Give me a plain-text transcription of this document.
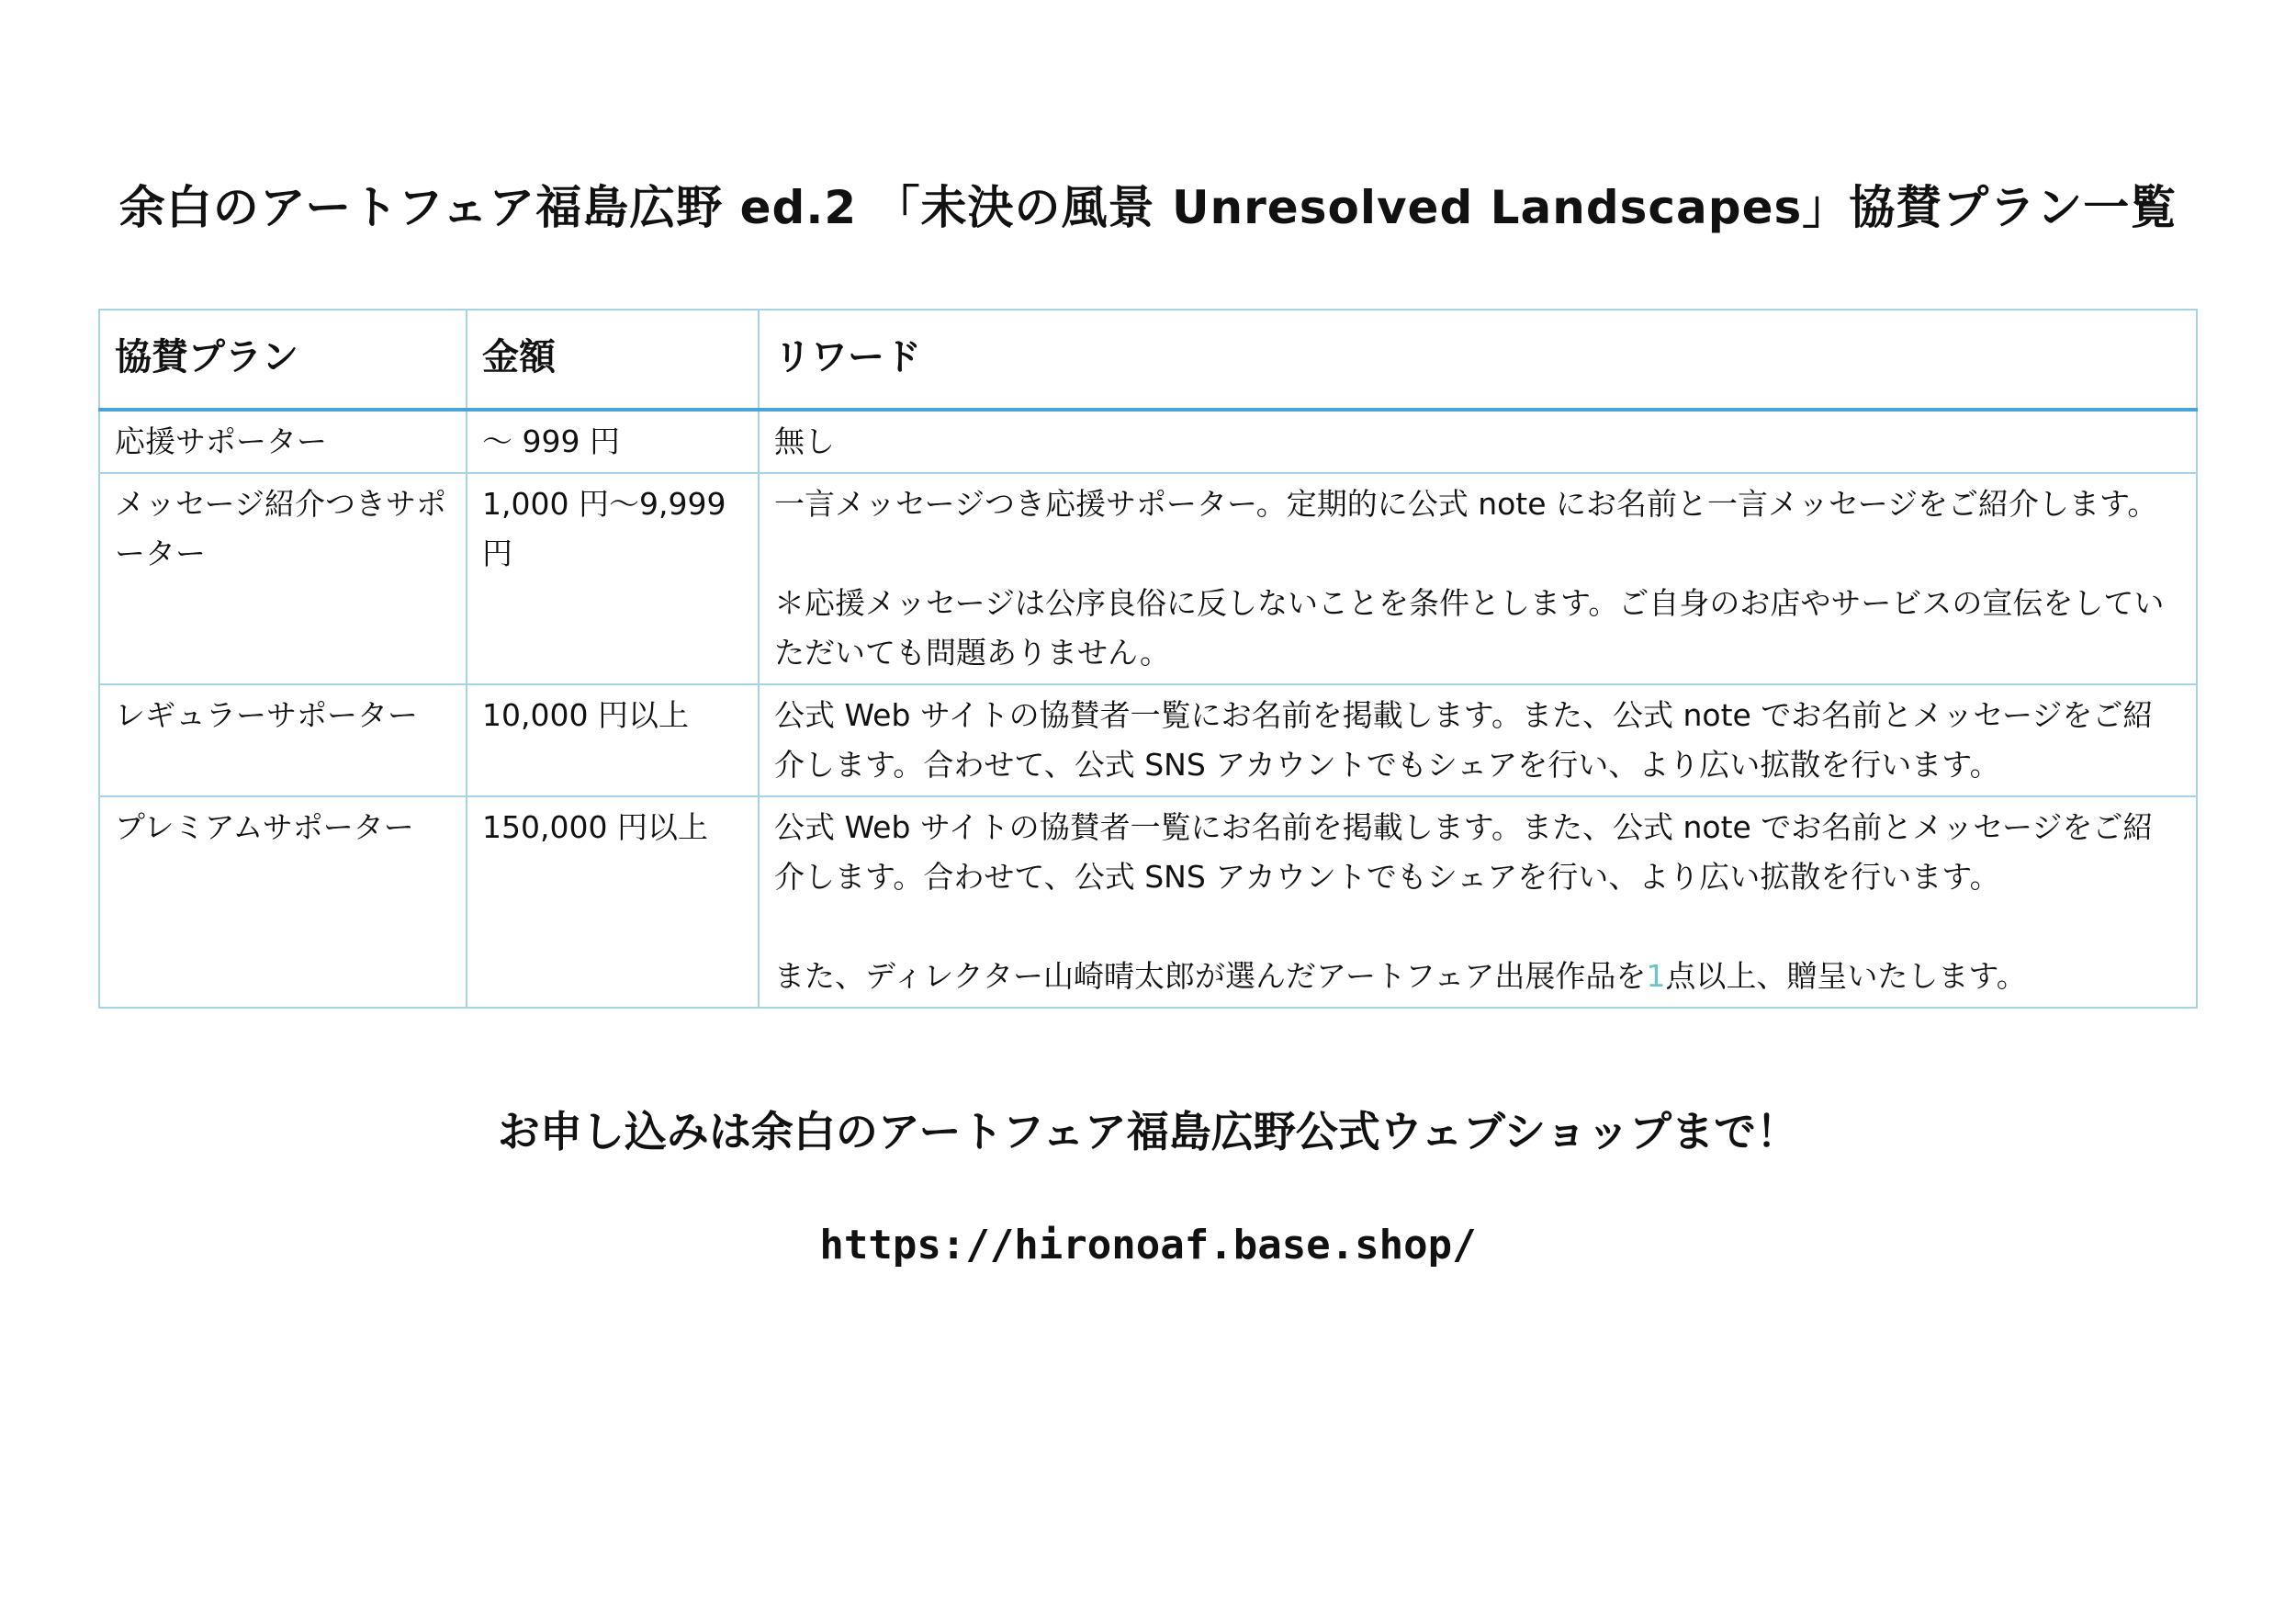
余白のアートフェア福島広野 ed.2 「未決の風景 Unresolved Landscapes」協賛プラン一覧
協賛プラン	金額	リワード
応援サポーター	～ 999 円	無し

メッセージ紹介つきサポーター	1,000 円～9,999 円	一言メッセージつき応援サポーター。定期的に公式 note にお名前と一言メッセージをご紹介します。
＊応援メッセージは公序良俗に反しないことを条件とします。ご自身のお店やサービスの宣伝をしていただいても問題ありません。

レギュラーサポーター	10,000 円以上	公式 Web サイトの協賛者一覧にお名前を掲載します。また、公式 note でお名前とメッセージをご紹介します。合わせて、公式 SNS アカウントでもシェアを行い、より広い拡散を行います。

プレミアムサポーター	150,000 円以上	公式 Web サイトの協賛者一覧にお名前を掲載します。また、公式 note でお名前とメッセージをご紹介します。合わせて、公式 SNS アカウントでもシェアを行い、より広い拡散を行います。
また、ディレクター山崎晴太郎が選んだアートフェア出展作品を1点以上、贈呈いたします。
お申し込みは余白のアートフェア福島広野公式ウェブショップまで！
https://hironoaf.base.shop/
